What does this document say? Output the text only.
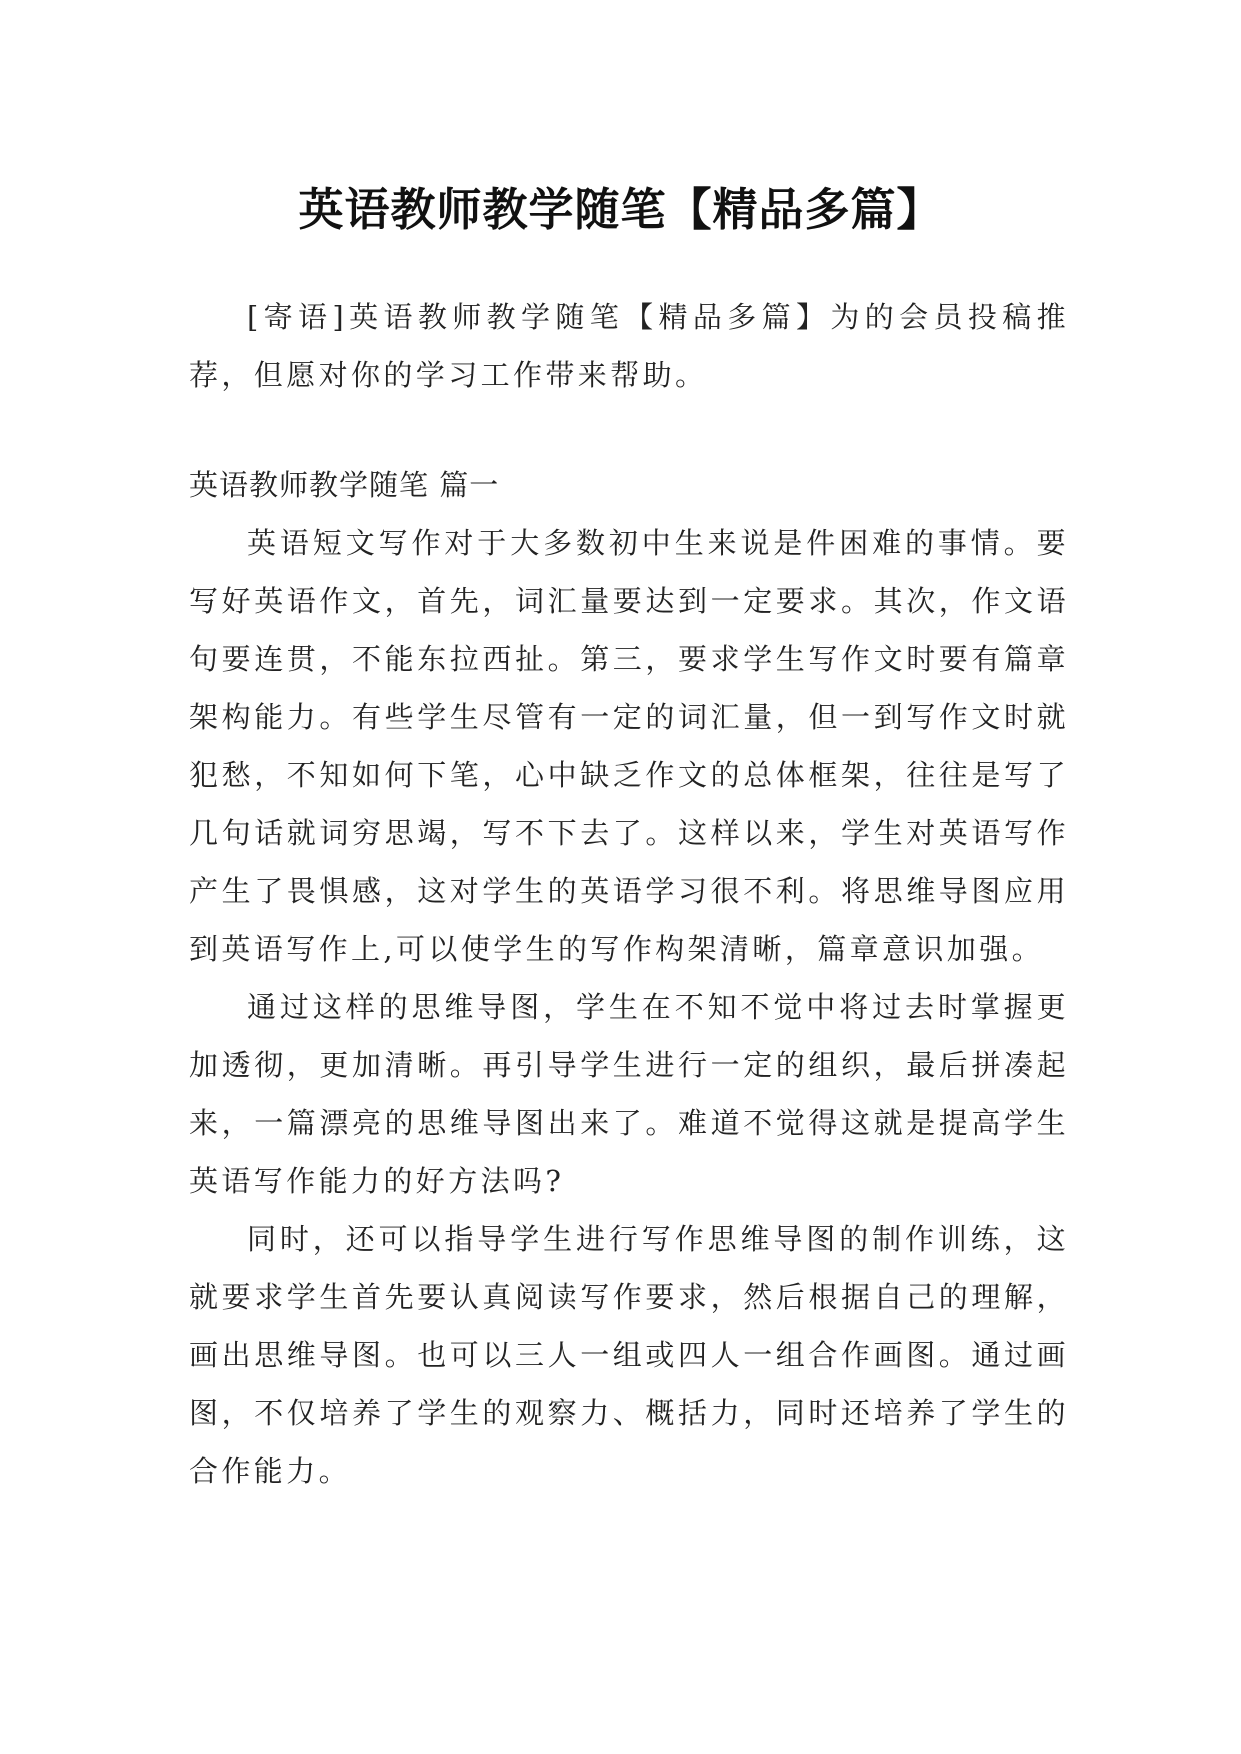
英语教师教学随笔【精品多篇】

[寄语]英语教师教学随笔【精品多篇】为的会员投稿推荐，但愿对你的学习工作带来帮助。

英语教师教学随笔 篇一

英语短文写作对于大多数初中生来说是件困难的事情。要写好英语作文，首先，词汇量要达到一定要求。其次，作文语句要连贯，不能东拉西扯。第三，要求学生写作文时要有篇章架构能力。有些学生尽管有一定的词汇量，但一到写作文时就犯愁，不知如何下笔，心中缺乏作文的总体框架，往往是写了几句话就词穷思竭，写不下去了。这样以来，学生对英语写作产生了畏惧感，这对学生的英语学习很不利。将思维导图应用到英语写作上,可以使学生的写作构架清晰，篇章意识加强。

通过这样的思维导图，学生在不知不觉中将过去时掌握更加透彻，更加清晰。再引导学生进行一定的组织，最后拼凑起来，一篇漂亮的思维导图出来了。难道不觉得这就是提高学生英语写作能力的好方法吗?

同时，还可以指导学生进行写作思维导图的制作训练，这就要求学生首先要认真阅读写作要求，然后根据自己的理解，画出思维导图。也可以三人一组或四人一组合作画图。通过画图，不仅培养了学生的观察力、概括力，同时还培养了学生的合作能力。
